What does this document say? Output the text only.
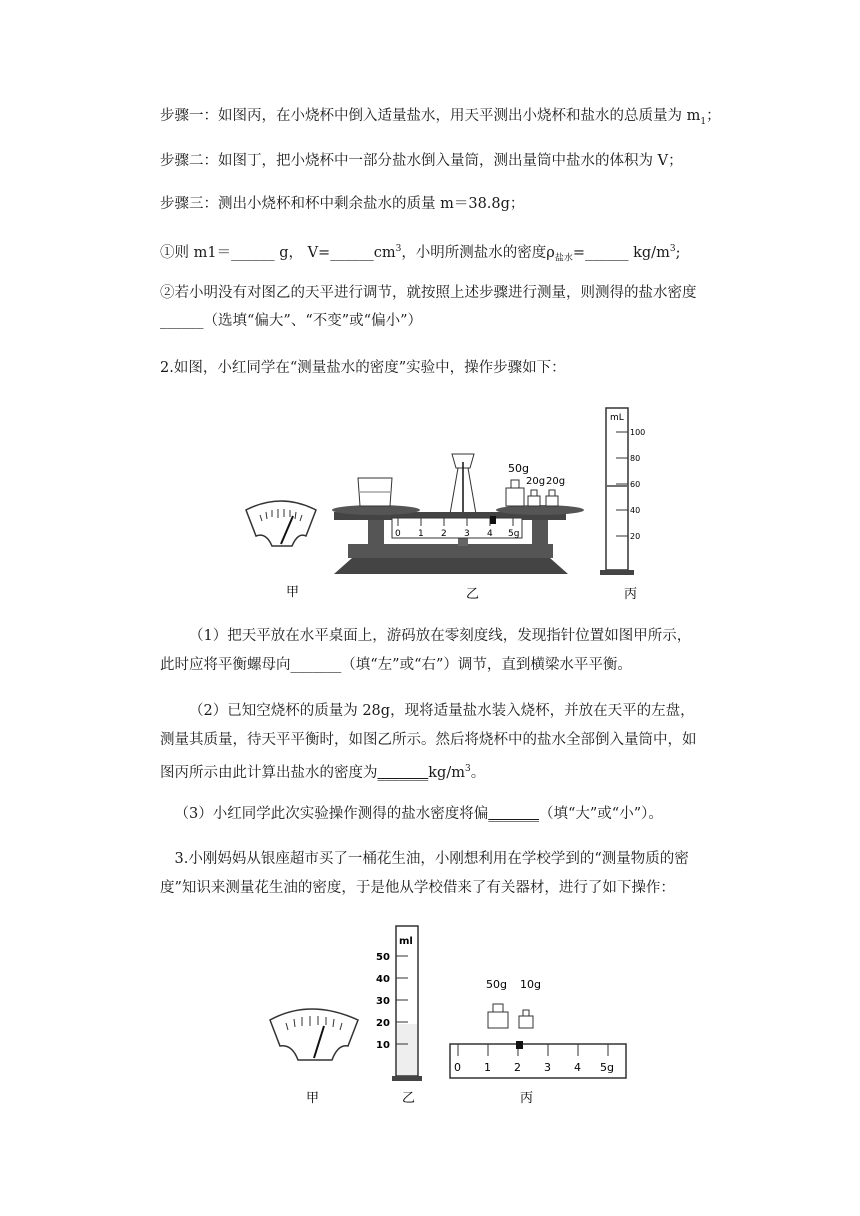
步骤一：如图丙，在小烧杯中倒入适量盐水，用天平测出小烧杯和盐水的总质量为 $m_1$；
步骤二：如图丁，把小烧杯中一部分盐水倒入量筒，测出量筒中盐水的体积为 V；
步骤三：测出小烧杯和杯中剩余盐水的质量 m＝38.8g；
①则 m1＝______ g， $V=\_\_\_\_\_\_cm^3$，小明所测盐水的密度$\rho_{盐水}=\_\_\_\_\_\_$ $kg/m^3$;
②若小明没有对图乙的天平进行调节，就按照上述步骤进行测量，则测得的盐水密度
______（选填“偏大”、“不变”或“偏小”）
2.如图，小红同学在“测量盐水的密度”实验中，操作步骤如下：
0 1 2 3 4 5g
50g
20g 20g
mL
100
80
60
40
20
甲	乙	丙
（1）把天平放在水平桌面上，游码放在零刻度线，发现指针位置如图甲所示，此时应将平衡螺母向_______（填“左”或“右”）调节，直到横梁水平平衡。
（2）已知空烧杯的质量为 28g，现将适量盐水装入烧杯，并放在天平的左盘，测量其质量，待天平平衡时，如图乙所示。然后将烧杯中的盐水全部倒入量筒中，如图丙所示由此计算出盐水的密度为$\_\_\_\_\_\_\_kg/m^3$。
（3）小红同学此次实验操作测得的盐水密度将偏_______（填“大”或“小”）。
3.小刚妈妈从银座超市买了一桶花生油，小刚想利用在学校学到的“测量物质的密度”知识来测量花生油的密度，于是他从学校借来了有关器材，进行了如下操作：
ml
50
40
30
20
10
50g 10g
0 1 2 3 4 5g
甲	乙	丙
